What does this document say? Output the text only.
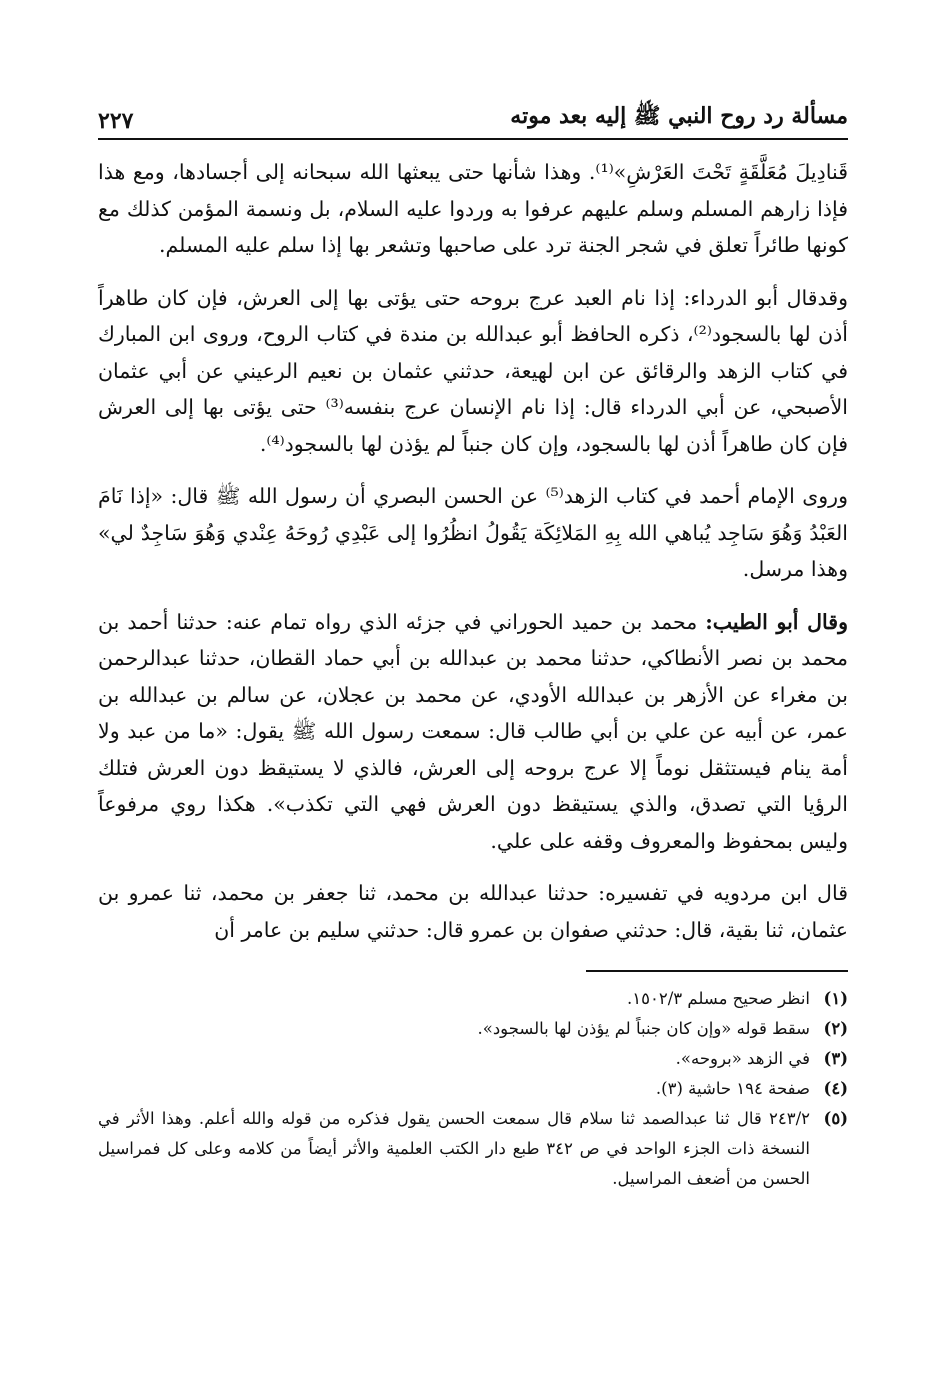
مسألة رد روح النبي ﷺ إليه بعد موته
٢٢٧

قَنادِيلَ مُعَلَّقَةٍ تَحْتَ العَرْشِ»⁽¹⁾. وهذا شأنها حتى يبعثها الله سبحانه إلى أجسادها، ومع هذا فإذا زارهم المسلم وسلم عليهم عرفوا به وردوا عليه السلام، بل ونسمة المؤمن كذلك مع كونها طائراً تعلق في شجر الجنة ترد على صاحبها وتشعر بها إذا سلم عليه المسلم.

وقدقال أبو الدرداء: إذا نام العبد عرج بروحه حتى يؤتى بها إلى العرش، فإن كان طاهراً أذن لها بالسجود⁽²⁾، ذكره الحافظ أبو عبدالله بن مندة في كتاب الروح، وروى ابن المبارك في كتاب الزهد والرقائق عن ابن لهيعة، حدثني عثمان بن نعيم الرعيني عن أبي عثمان الأصبحي، عن أبي الدرداء قال: إذا نام الإنسان عرج بنفسه⁽³⁾ حتى يؤتى بها إلى العرش فإن كان طاهراً أذن لها بالسجود، وإن كان جنباً لم يؤذن لها بالسجود⁽⁴⁾.

وروى الإمام أحمد في كتاب الزهد⁽⁵⁾ عن الحسن البصري أن رسول الله ﷺ قال: «إذا نَامَ العَبْدُ وَهُوَ سَاجِد يُباهي الله بِهِ المَلائِكَة يَقُولُ انظُرُوا إلى عَبْدِي رُوحَهُ عِنْدي وَهُوَ سَاجِدٌ لي» وهذا مرسل.

وقال أبو الطيب: محمد بن حميد الحوراني في جزئه الذي رواه تمام عنه: حدثنا أحمد بن محمد بن نصر الأنطاكي، حدثنا محمد بن عبدالله بن أبي حماد القطان، حدثنا عبدالرحمن بن مغراء عن الأزهر بن عبدالله الأودي، عن محمد بن عجلان، عن سالم بن عبدالله بن عمر، عن أبيه عن علي بن أبي طالب قال: سمعت رسول الله ﷺ يقول: «ما من عبد ولا أمة ينام فيستثقل نوماً إلا عرج بروحه إلى العرش، فالذي لا يستيقظ دون العرش فتلك الرؤيا التي تصدق، والذي يستيقظ دون العرش فهي التي تكذب». هكذا روي مرفوعاً وليس بمحفوظ والمعروف وقفه على علي.

قال ابن مردويه في تفسيره: حدثنا عبدالله بن محمد، ثنا جعفر بن محمد، ثنا عمرو بن عثمان، ثنا بقية، قال: حدثني صفوان بن عمرو قال: حدثني سليم بن عامر أن

(١)
انظر صحيح مسلم ١٥٠٢/٣.
(٢)
سقط قوله «وإن كان جنباً لم يؤذن لها بالسجود».
(٣)
في الزهد «بروحه».
(٤)
صفحة ١٩٤ حاشية (٣).
(٥)
٢٤٣/٢ قال ثنا عبدالصمد ثنا سلام قال سمعت الحسن يقول فذكره من قوله والله أعلم. وهذا الأثر في النسخة ذات الجزء الواحد في ص ٣٤٢ طبع دار الكتب العلمية والأثر أيضاً من كلامه وعلى كل فمراسيل الحسن من أضعف المراسيل.
